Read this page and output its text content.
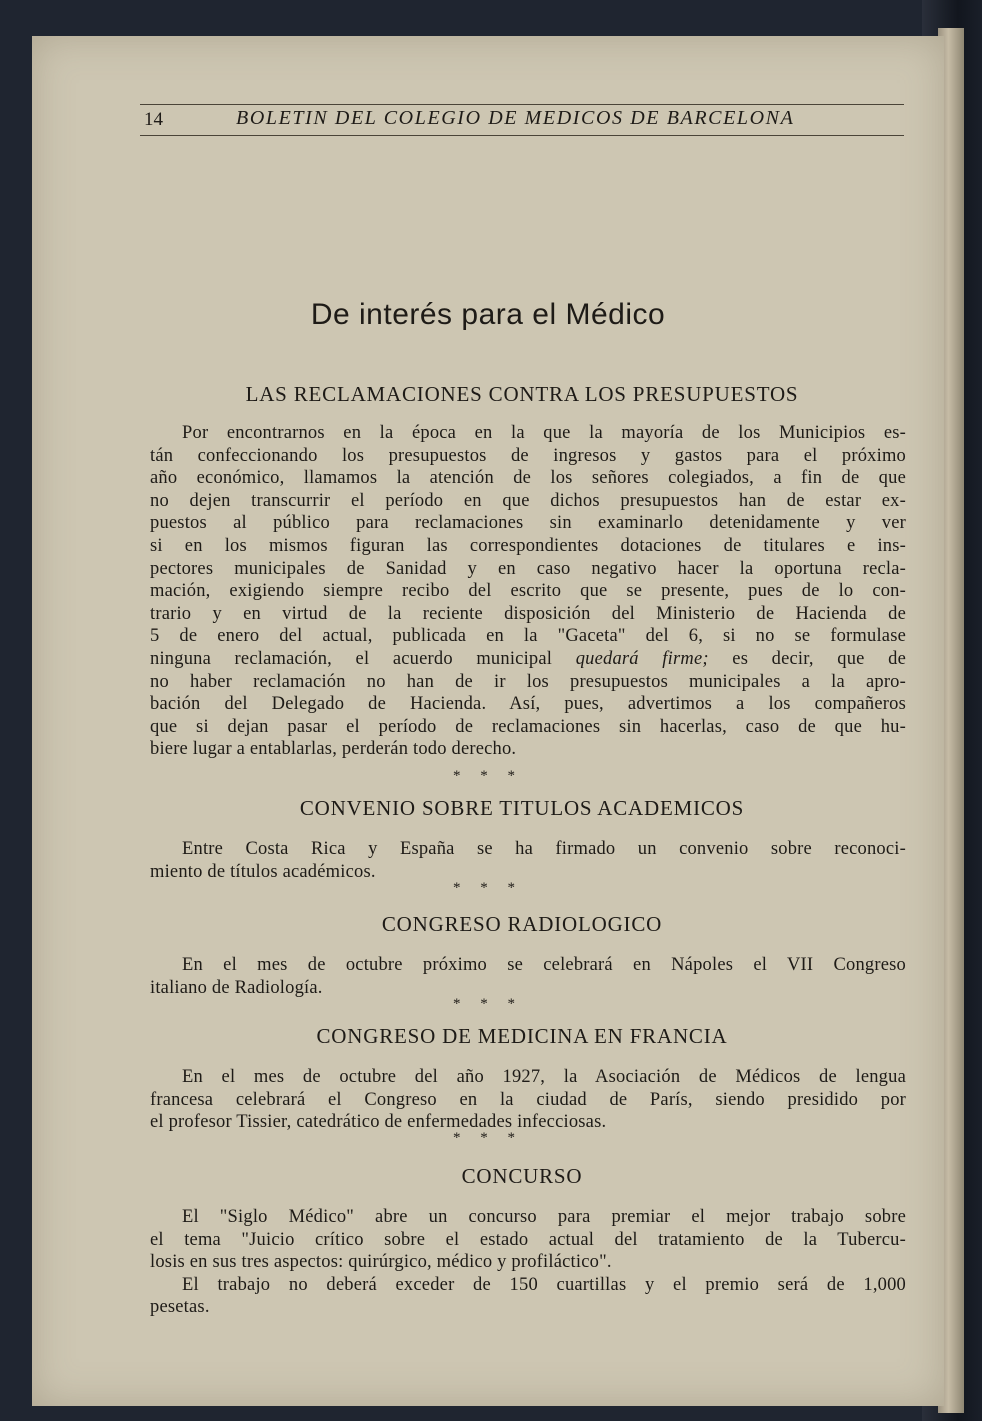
14	BOLETIN DEL COLEGIO DE MEDICOS DE BARCELONA
De interés para el Médico
LAS RECLAMACIONES CONTRA LOS PRESUPUESTOS
Por encontrarnos en la época en la que la mayoría de los Municipios es-
tán confeccionando los presupuestos de ingresos y gastos para el próximo
año económico, llamamos la atención de los señores colegiados, a fin de que
no dejen transcurrir el período en que dichos presupuestos han de estar ex-
puestos al público para reclamaciones sin examinarlo detenidamente y ver
si en los mismos figuran las correspondientes dotaciones de titulares e ins-
pectores municipales de Sanidad y en caso negativo hacer la oportuna recla-
mación, exigiendo siempre recibo del escrito que se presente, pues de lo con-
trario y en virtud de la reciente disposición del Ministerio de Hacienda de
5 de enero del actual, publicada en la "Gaceta" del 6, si no se formulase
ninguna reclamación, el acuerdo municipal quedará firme; es decir, que de
no haber reclamación no han de ir los presupuestos municipales a la apro-
bación del Delegado de Hacienda. Así, pues, advertimos a los compañeros
que si dejan pasar el período de reclamaciones sin hacerlas, caso de que hu-
biere lugar a entablarlas, perderán todo derecho.
* * *
CONVENIO SOBRE TITULOS ACADEMICOS
Entre Costa Rica y España se ha firmado un convenio sobre reconoci-
miento de títulos académicos.
* * *
CONGRESO RADIOLOGICO
En el mes de octubre próximo se celebrará en Nápoles el VII Congreso
italiano de Radiología.
* * *
CONGRESO DE MEDICINA EN FRANCIA
En el mes de octubre del año 1927, la Asociación de Médicos de lengua
francesa celebrará el Congreso en la ciudad de París, siendo presidido por
el profesor Tissier, catedrático de enfermedades infecciosas.
* * *
CONCURSO
El "Siglo Médico" abre un concurso para premiar el mejor trabajo sobre
el tema "Juicio crítico sobre el estado actual del tratamiento de la Tubercu-
losis en sus tres aspectos: quirúrgico, médico y profiláctico".
El trabajo no deberá exceder de 150 cuartillas y el premio será de 1,000
pesetas.
